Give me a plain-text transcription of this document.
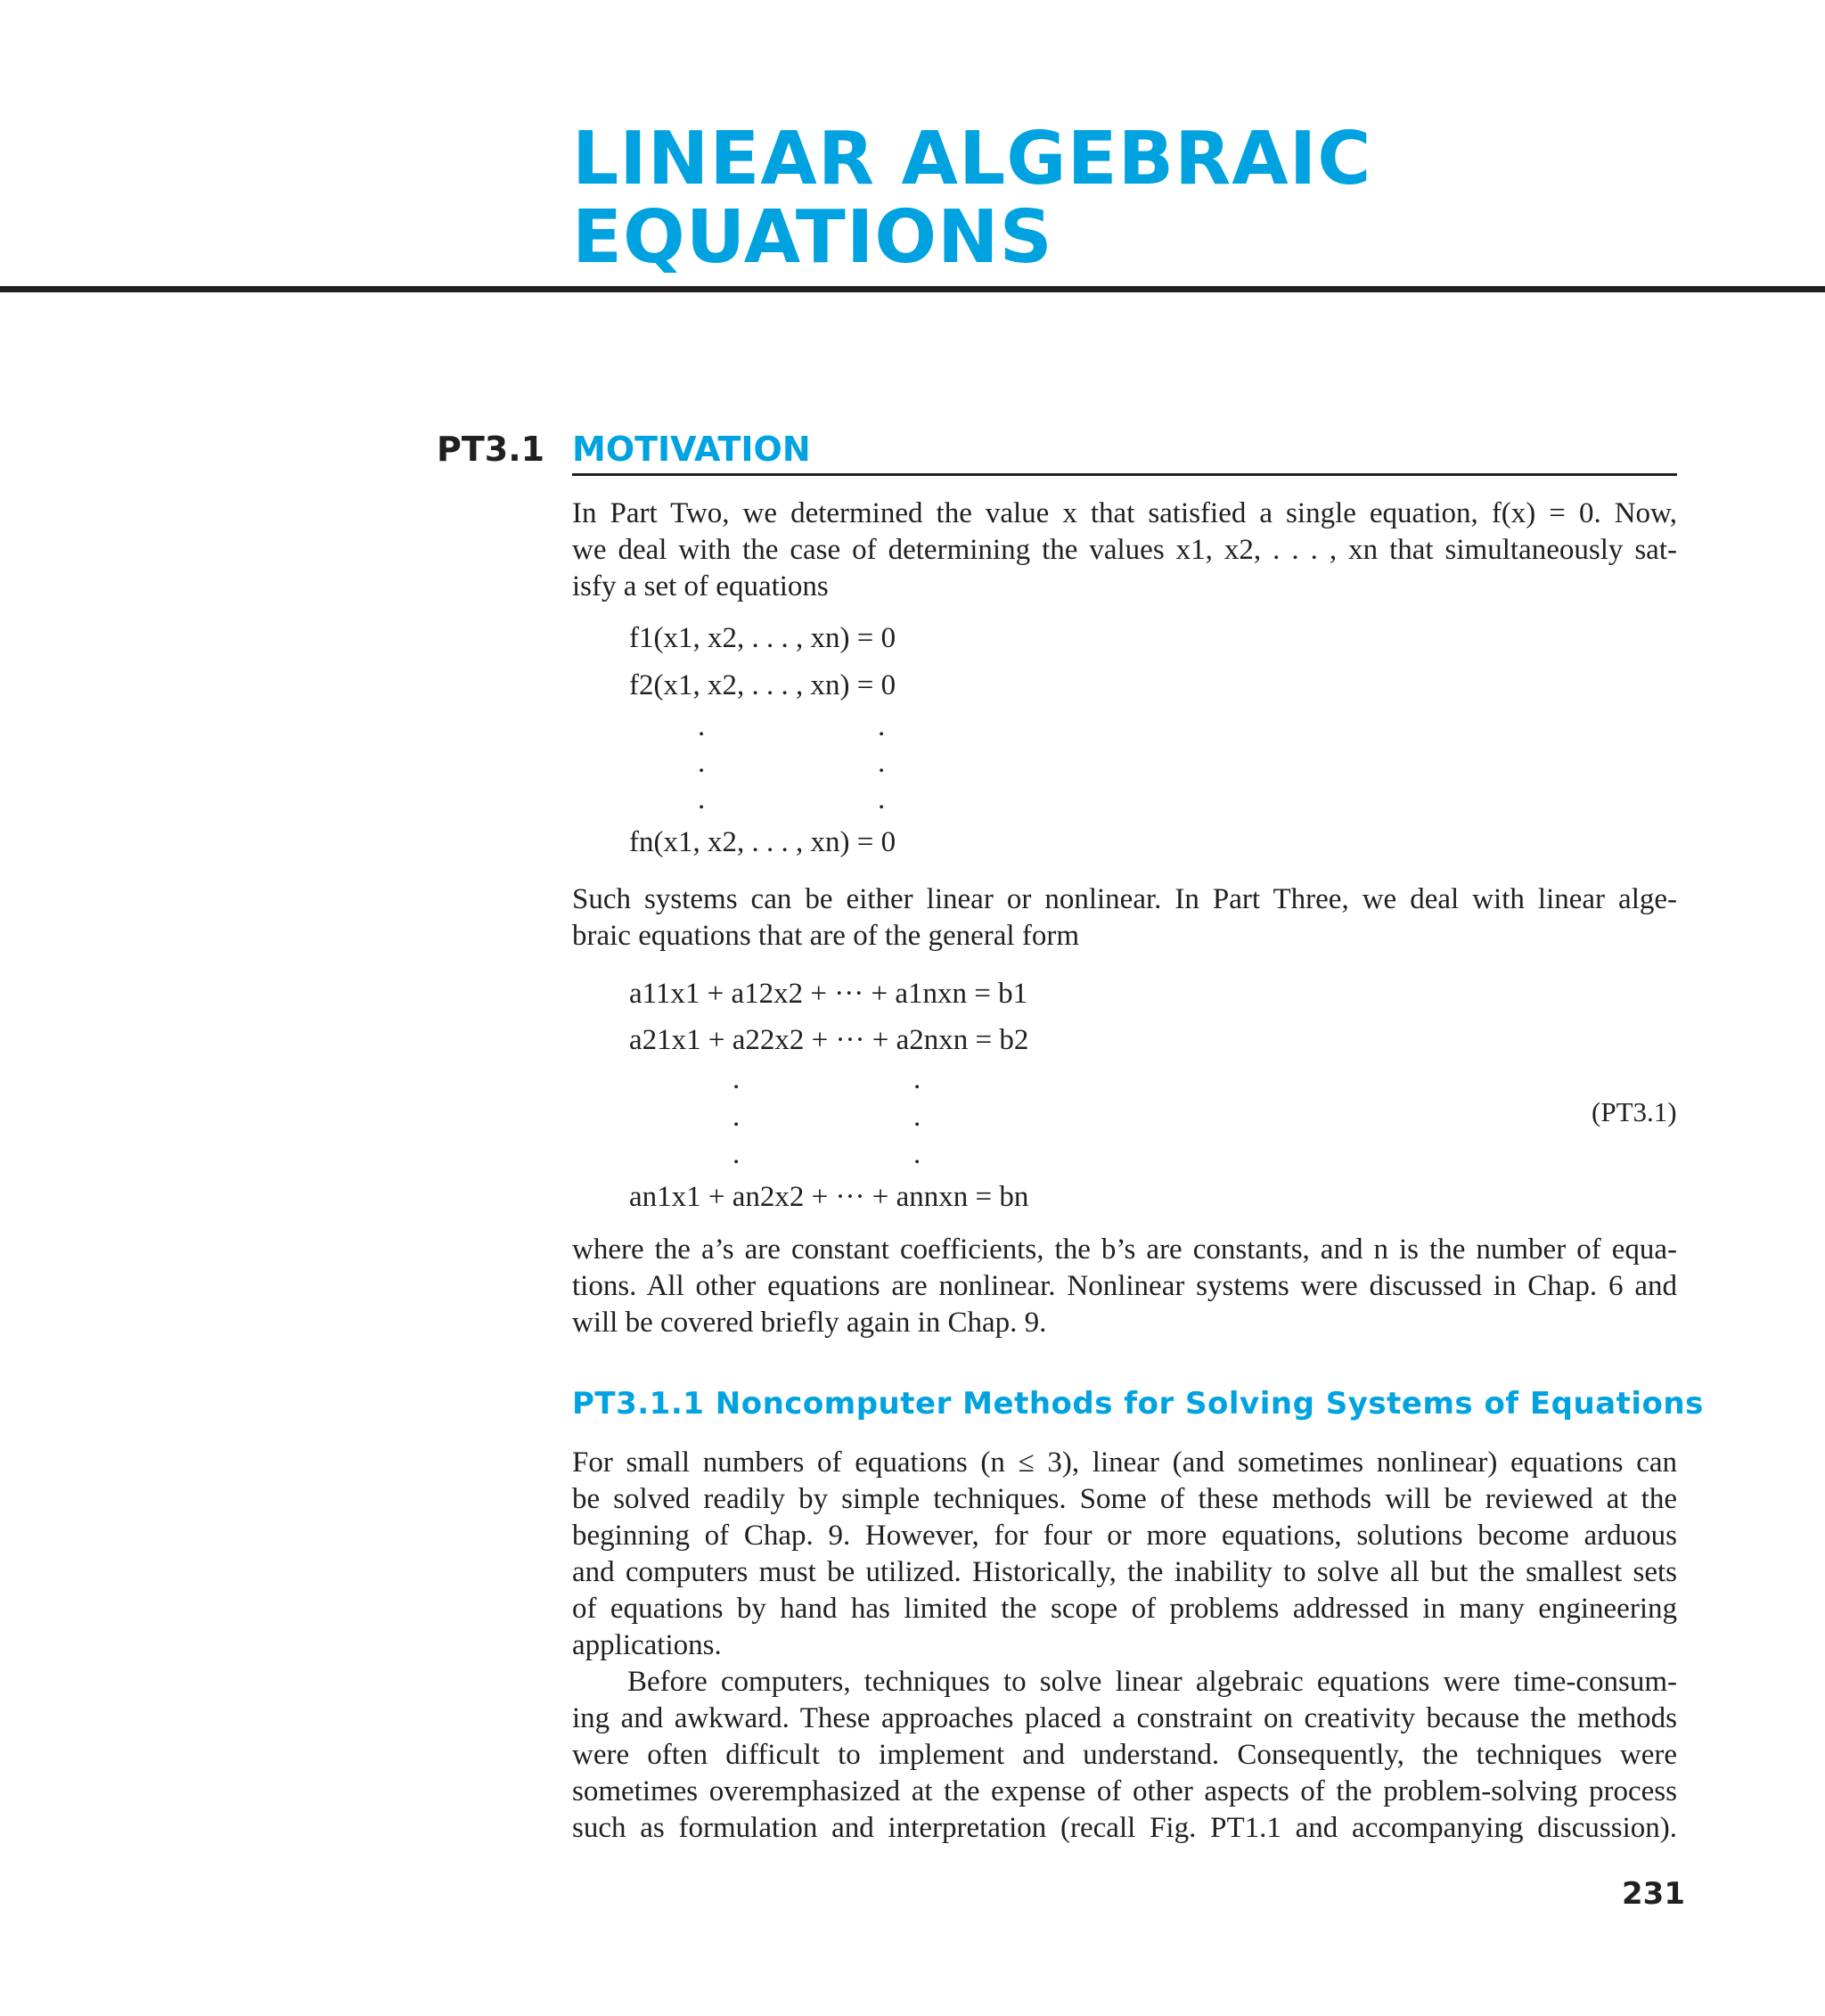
LINEAR ALGEBRAIC
EQUATIONS
PT3.1 MOTIVATION
In Part Two, we determined the value x that satisfied a single equation, f(x) = 0. Now,
we deal with the case of determining the values x1, x2, . . . , xn that simultaneously sat-
isfy a set of equations
f1(x1, x2, . . . , xn) = 0
f2(x1, x2, . . . , xn) = 0
.	.
.	.
.	.
fn(x1, x2, . . . , xn) = 0
Such systems can be either linear or nonlinear. In Part Three, we deal with linear alge-
braic equations that are of the general form
a11x1 + a12x2 + ··· + a1nxn = b1
a21x1 + a22x2 + ··· + a2nxn = b2
.	.
.	.
.	.
an1x1 + an2x2 + ··· + annxn = bn
(PT3.1)
where the a’s are constant coefficients, the b’s are constants, and n is the number of equa-
tions. All other equations are nonlinear. Nonlinear systems were discussed in Chap. 6 and
will be covered briefly again in Chap. 9.
PT3.1.1 Noncomputer Methods for Solving Systems of Equations
For small numbers of equations (n ≤ 3), linear (and sometimes nonlinear) equations can
be solved readily by simple techniques. Some of these methods will be reviewed at the
beginning of Chap. 9. However, for four or more equations, solutions become arduous
and computers must be utilized. Historically, the inability to solve all but the smallest sets
of equations by hand has limited the scope of problems addressed in many engineering
applications.
Before computers, techniques to solve linear algebraic equations were time-consum-
ing and awkward. These approaches placed a constraint on creativity because the methods
were often difficult to implement and understand. Consequently, the techniques were
sometimes overemphasized at the expense of other aspects of the problem-solving process
such as formulation and interpretation (recall Fig. PT1.1 and accompanying discussion).
231
